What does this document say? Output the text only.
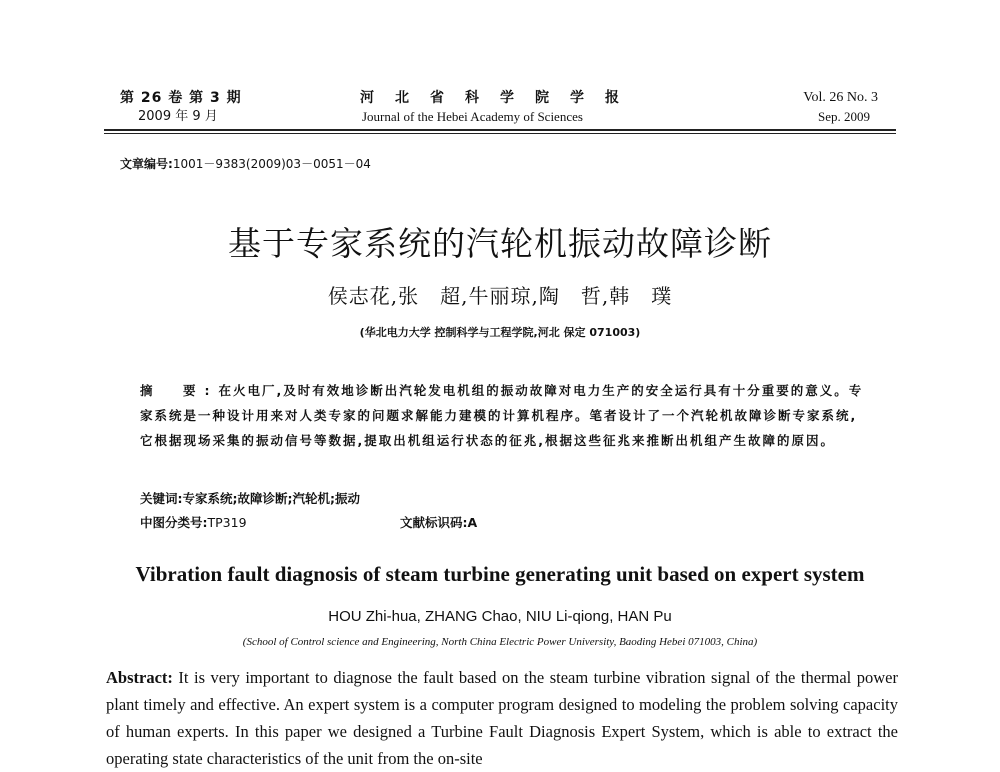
第 26 卷 第 3 期
2009 年 9 月
河北省科学院学报
Journal of the Hebei Academy of Sciences
Vol. 26 No. 3
Sep. 2009
文章编号:1001－9383(2009)03－0051－04
基于专家系统的汽轮机振动故障诊断
侯志花,张　超,牛丽琼,陶　哲,韩　璞
(华北电力大学 控制科学与工程学院,河北 保定 071003)
摘　要:在火电厂,及时有效地诊断出汽轮发电机组的振动故障对电力生产的安全运行具有十分重要的意义。专家系统是一种设计用来对人类专家的问题求解能力建模的计算机程序。笔者设计了一个汽轮机故障诊断专家系统,它根据现场采集的振动信号等数据,提取出机组运行状态的征兆,根据这些征兆来推断出机组产生故障的原因。
关键词:专家系统;故障诊断;汽轮机;振动
中图分类号:TP319	文献标识码:A
Vibration fault diagnosis of steam turbine generating unit based on expert system
HOU Zhi-hua, ZHANG Chao, NIU Li-qiong, HAN Pu
(School of Control science and Engineering, North China Electric Power University, Baoding Hebei 071003, China)
Abstract: It is very important to diagnose the fault based on the steam turbine vibration signal of the thermal power plant timely and effective. An expert system is a computer program designed to modeling the problem solving capacity of human experts. In this paper we designed a Turbine Fault Diagnosis Expert System, which is able to extract the operating state characteristics of the unit from the on-site
